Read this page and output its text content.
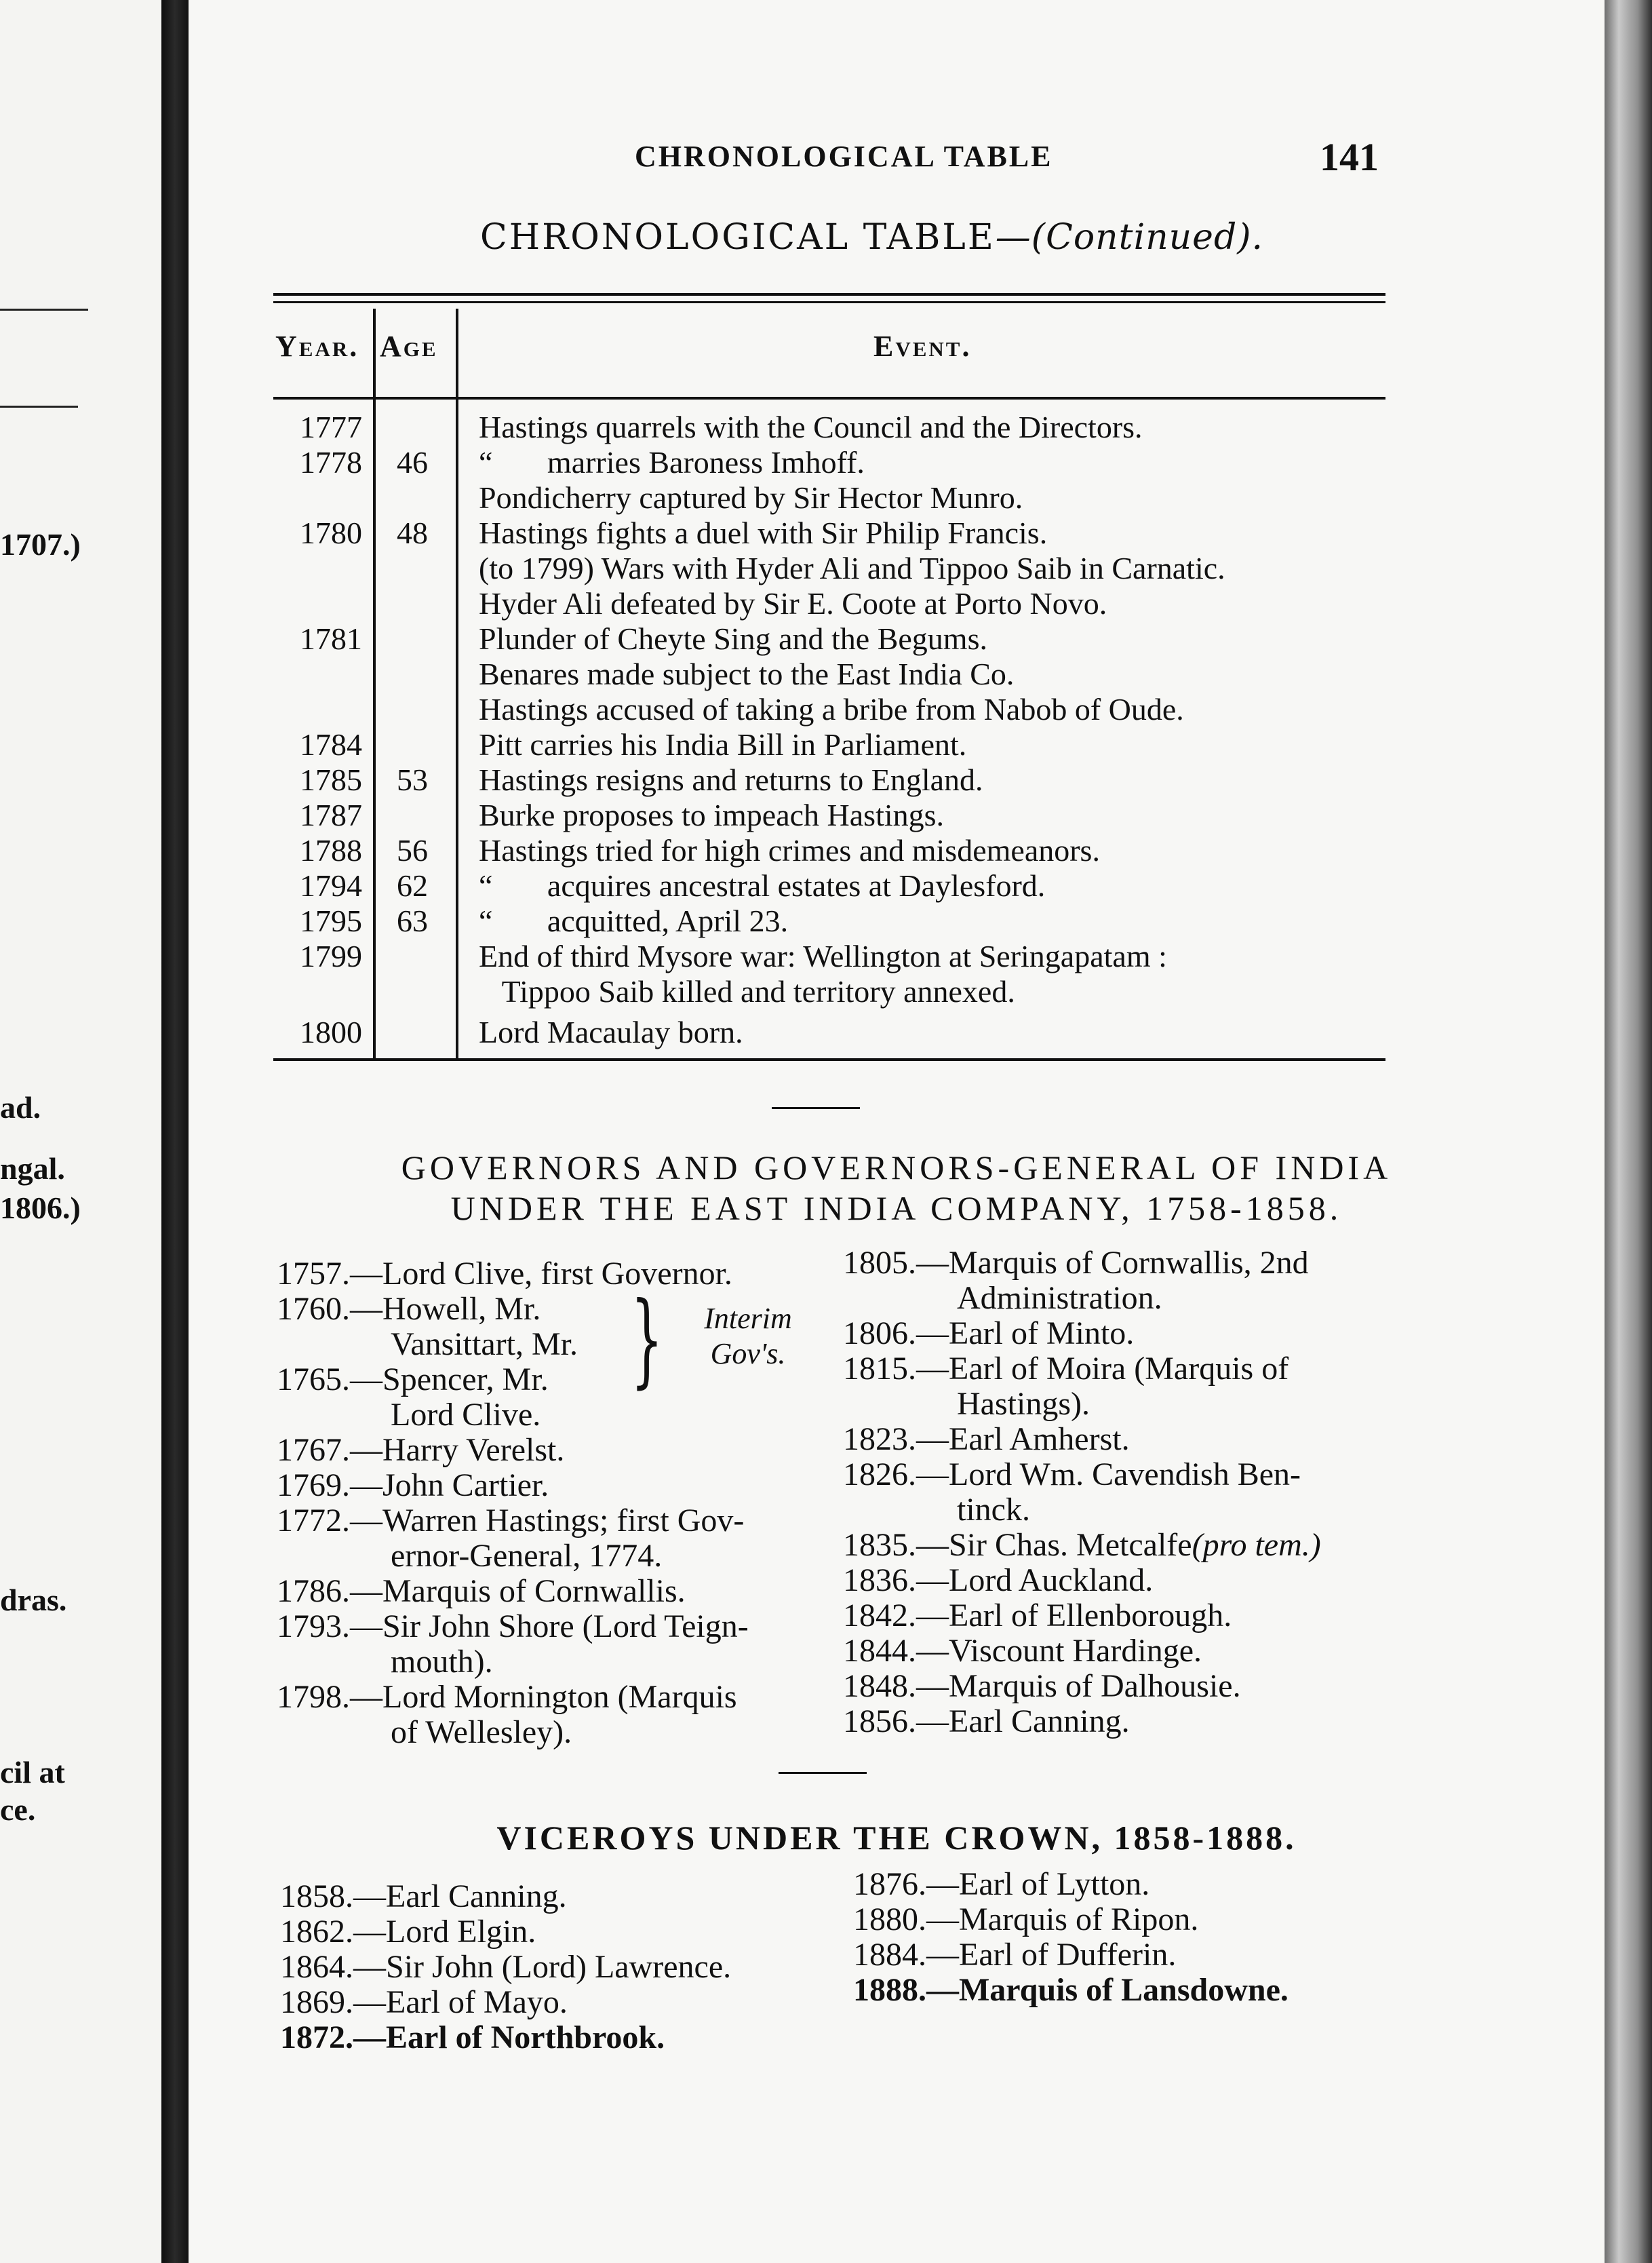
1707.)
ad.
ngal.
1806.)
dras.
cil at
ce.
CHRONOLOGICAL TABLE	141
CHRONOLOGICAL TABLE—(Continued).
Year. Age	Event.
1777	Hastings quarrels with the Council and the Directors.
1778	46	“       marries Baroness Imhoff.
Pondicherry captured by Sir Hector Munro.
1780	48	Hastings fights a duel with Sir Philip Francis.
(to 1799) Wars with Hyder Ali and Tippoo Saib in Carnatic.
Hyder Ali defeated by Sir E. Coote at Porto Novo.
1781	Plunder of Cheyte Sing and the Begums.
Benares made subject to the East India Co.
Hastings accused of taking a bribe from Nabob of Oude.
1784	Pitt carries his India Bill in Parliament.
1785	53	Hastings resigns and returns to England.
1787	Burke proposes to impeach Hastings.
1788	56	Hastings tried for high crimes and misdemeanors.
1794	62	“       acquires ancestral estates at Daylesford.
1795	63	“       acquitted, April 23.
1799	End of third Mysore war: Wellington at Seringapatam :
Tippoo Saib killed and territory annexed.
1800	Lord Macaulay born.
GOVERNORS AND GOVERNORS-GENERAL OF INDIA
UNDER THE EAST INDIA COMPANY, 1758-1858.
1757.—Lord Clive, first Governor.
1760.—Howell, Mr.
Vansittart, Mr.
1765.—Spencer, Mr.
Lord Clive.
1767.—Harry Verelst.
1769.—John Cartier.
1772.—Warren Hastings; first Gov-
ernor-General, 1774.
1786.—Marquis of Cornwallis.
1793.—Sir John Shore (Lord Teign-
mouth).
1798.—Lord Mornington (Marquis
of Wellesley).
}	Interim
Gov's.
1805.—Marquis of Cornwallis, 2nd
Administration.
1806.—Earl of Minto.
1815.—Earl of Moira (Marquis of
Hastings).
1823.—Earl Amherst.
1826.—Lord Wm. Cavendish Ben-
tinck.
1835.—Sir Chas. Metcalfe(pro tem.)
1836.—Lord Auckland.
1842.—Earl of Ellenborough.
1844.—Viscount Hardinge.
1848.—Marquis of Dalhousie.
1856.—Earl Canning.
VICEROYS UNDER THE CROWN, 1858-1888.
1858.—Earl Canning.
1862.—Lord Elgin.
1864.—Sir John (Lord) Lawrence.
1869.—Earl of Mayo.
1872.—Earl of Northbrook.
1876.—Earl of Lytton.
1880.—Marquis of Ripon.
1884.—Earl of Dufferin.
1888.—Marquis of Lansdowne.
